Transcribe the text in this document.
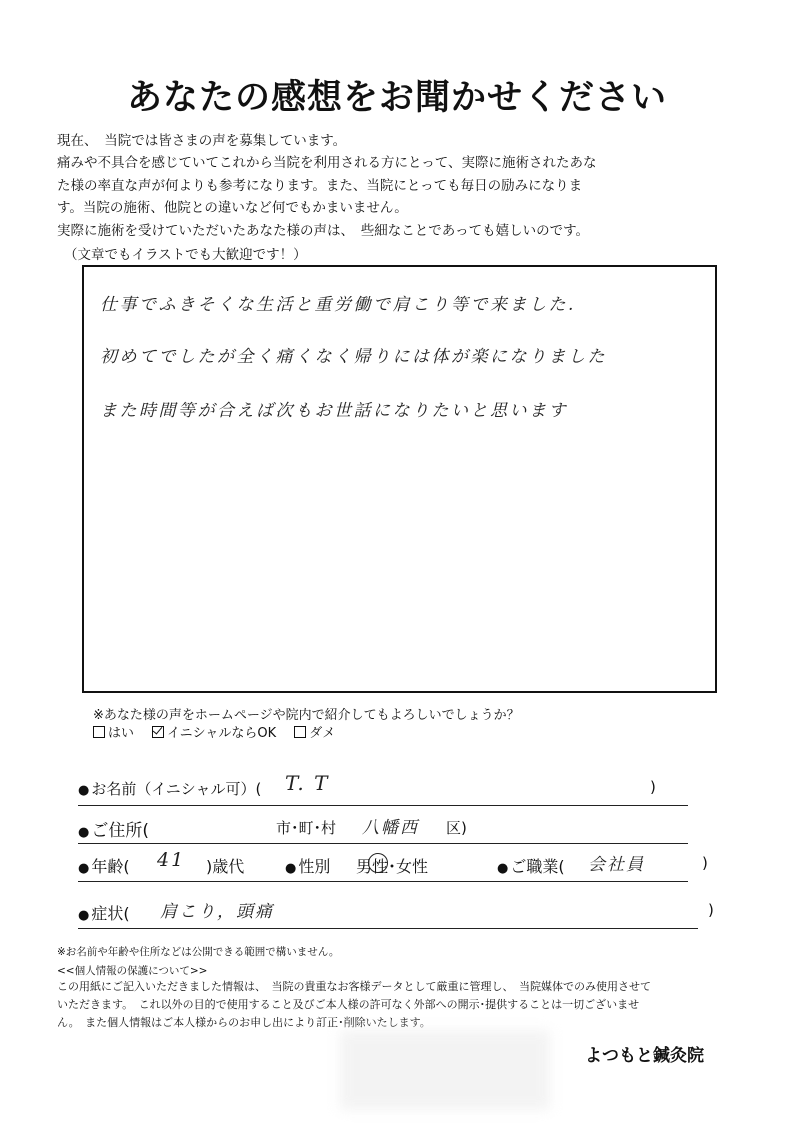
あなたの感想をお聞かせください
現在、　当院では皆さまの声を募集しています。
痛みや不具合を感じていてこれから当院を利用される方にとって、実際に施術されたあな
た様の率直な声が何よりも参考になります。また、当院にとっても毎日の励みになりま
す。当院の施術、他院との違いなど何でもかまいません。
実際に施術を受けていただいたあなた様の声は、　些細なことであっても嬉しいのです。
（文章でもイラストでも大歓迎です！）
仕事でふきそくな生活と重労働で肩こり等で来ました.
初めてでしたが全く痛くなく帰りには体が楽になりました
また時間等が合えば次もお世話になりたいと思います
※あなた様の声をホームページや院内で紹介してもよろしいでしょうか？
はい	イニシャルならOK	ダメ
● お名前（イニシャル可）( T. T	)
● ご住所(	市･町･村 八幡西 区)
● 年齢( 41 )歳代	● 性別 男性･女性	● ご職業( 会社員	)
● 症状( 肩こり，頭痛	)
※お名前や年齢や住所などは公開できる範囲で構いません。
<<個人情報の保護について>>
この用紙にご記入いただきました情報は、　当院の貴重なお客様データとして厳重に管理し、　当院媒体でのみ使用させて
いただきます。　これ以外の目的で使用すること及びご本人様の許可なく外部への開示･提供することは一切ございませ
ん。　また個人情報はご本人様からのお申し出により訂正･削除いたします。
よつもと鍼灸院
